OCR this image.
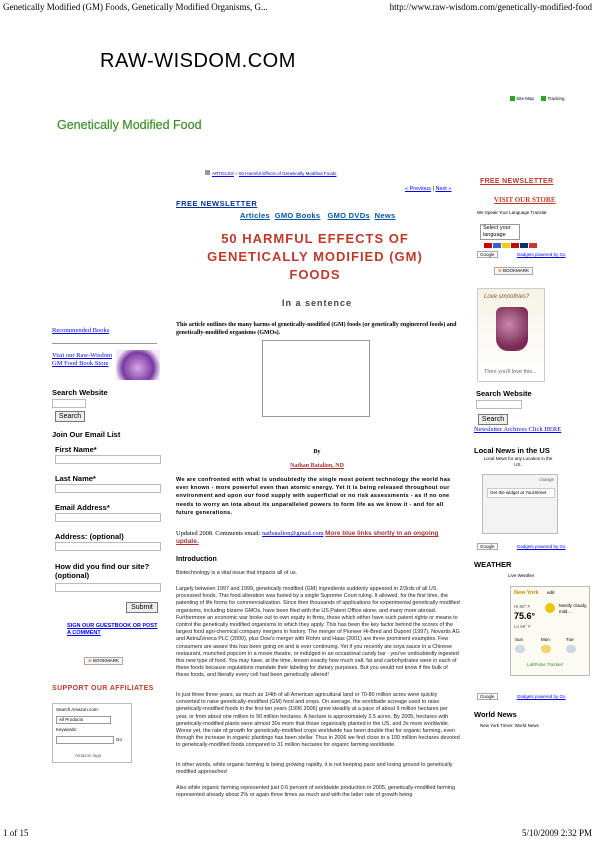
Genetically Modified (GM) Foods, Genetically Modified Organisms, G...	http://www.raw-wisdom.com/genetically-modified-food
RAW-WISDOM.COM
Site Map	Tracking
Genetically Modified Food
ARTICLES » 50 Harmful Effects of Genetically Modified Foods
« Previous | Next »
FREE NEWSLETTER
Articles GMO Books GMO DVDs News
50 HARMFUL EFFECTS OF GENETICALLY MODIFIED (GM) FOODS
In a sentence
This article outlines the many harms of genetically-modified (GM) foods (or genetically engineered foods) and genetically-modified organisms (GMOs).
By
Nathan Batalion, ND
We are confronted with what is undoubtedly the single most potent technology the world has ever known - more powerful even than atomic energy. Yet it is being released throughout our environment and upon our food supply with superficial or no risk assessments - as if no one needs to worry an iota about its unparalleled powers to form life as we know it - and for all future generations.
Updated 2008. Comments email: natbatalion@gmail.com More blue links shortly in an ongoing update.
Introduction
Biotechnology is a vital issue that impacts all of us.
Largely between 1997 and 1999, genetically modified (GM) ingredients suddenly appeared in 2/3rds of all US processed foods. This food alteration was fueled by a single Supreme Court ruling. It allowed, for the first time, the patenting of life forms for commercialization. Since then thousands of applications for experimental genetically modified organisms, including bizarre GMOs, have been filed with the US Patent Office alone, and many more abroad. Furthermore an economic war broke out to own equity in firms, those which either have such patent rights or means to control the genetically modified organisms to which they apply. This has been the key factor behind the scores of the largest food agri-chemical company mergers in history. The merger of Pioneer Hi-Bred and Dupont (1997), Novartis AG and AstraZeneca PLC (2000), plus Dow's merger with Rohm and Haas (2001) are three prominent examples. Few consumers are aware this has been going on and is ever continuing. Yet if you recently ate soya sauce in a Chinese restaurant, munched popcorn in a movie theatre, or indulged in an occasional candy bar - you've undoubtedly ingested this new type of food. You may have, at the time, known exactly how much salt, fat and carbohydrates were in each of these foods because regulations mandate their labeling for dietary purposes. But you would not know if the bulk of these foods, and literally every cell had been genetically altered!
In just three three years, as much as 1/4th of all American agricultural land or 70-80 million acres were quickly converted to raise genetically-modified (GM) food and crops. On average, the worldwide acreage used to raise genetically-modified foods in the first ten years (1996 2006) grew steadily at a pace of about 9 million hectares per year, or from about one million to 90 million hectares. A hectare is approximately 2.5 acres. By 2005, hectares with genetically-modified plants were almost 30x more that those organically planted in the US, and 3x more worldwide. Worse yet, the rate of growth for genetically-modified crops worldwide has been double that for organic farming, even through the increase in organic plantings has been stellar. Thus in 2006 we find close to a 100 million hectares devoted to genetically-modified foods compared to 31 million hectares for organic farming worldwide.
In other words, while organic farming is being growing rapidly, it is not keeping pace and losing ground to genetically modified approaches!
Also while organic farming represented just 0.6 percent of worldwide production in 2005, genetically-modified farming represented already about 2% or again three times as much and with the latter rate of growth being
Recommended Books
Visit our Raw-Wisdom GM Food Book Store
Search Website
Search
Join Our Email List
First Name*
Last Name*
Email Address*
Address: (optional)
How did you find our site? (optional)
Submit
SIGN OUR GUESTBOOK OR POST A COMMENT
⊕ BOOKMARK
SUPPORT OUR AFFILIATES
Search Amazon.com:
All Products
Keywords:
Go
Amazon logo
FREE NEWSLETTER
VISIT OUR STORE
We Speak Your Language Translat
Select your language
Google	Gadgets powered by Go
⊕ BOOKMARK
Love smoothies?
Then you'll love this...
Search Website
Search
Newsletter Archives Click HERE
Local News in the US
Local News for any Location in the US.
change
Get the widget at YourStreet
Google	Gadgets powered by Go
WEATHER
Live Weather
New York edit
Hi 80° F
75.6°
Lo 56° F
Mostly cloudy, mild...
Sun	Mon	Tue
LabPulse Tracker!
Google	Gadgets powered by Go
World News
New York Times: World News
1 of 15	5/10/2009 2:32 PM
